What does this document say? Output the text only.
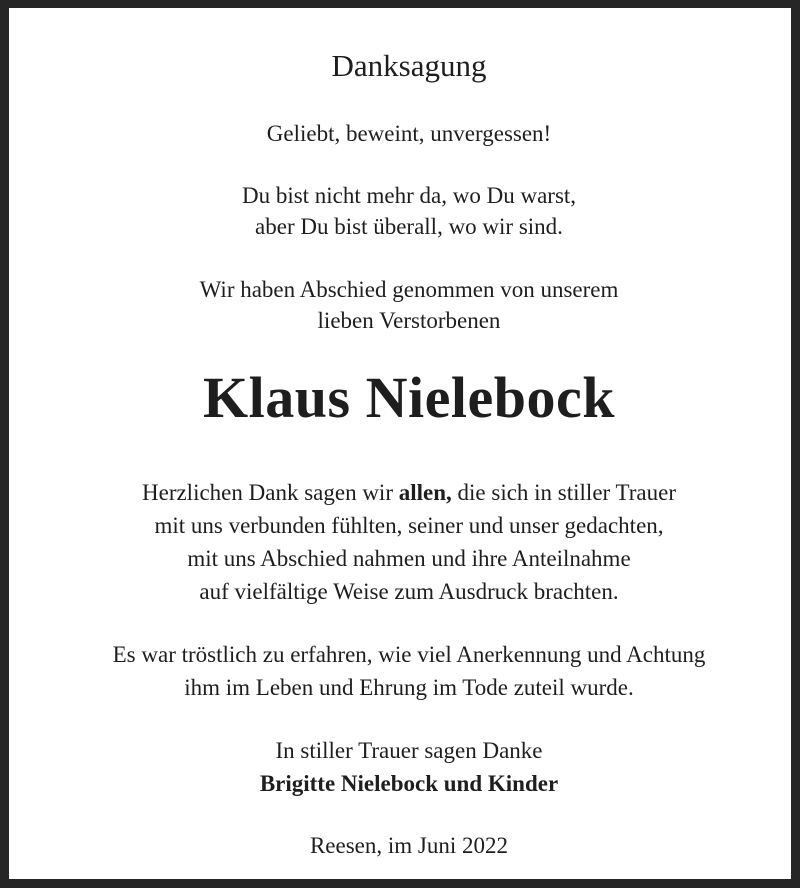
Danksagung
Geliebt, beweint, unvergessen!
Du bist nicht mehr da, wo Du warst,
aber Du bist überall, wo wir sind.
Wir haben Abschied genommen von unserem
lieben Verstorbenen
Klaus Nielebock
Herzlichen Dank sagen wir allen, die sich in stiller Trauer
mit uns verbunden fühlten, seiner und unser gedachten,
mit uns Abschied nahmen und ihre Anteilnahme
auf vielfältige Weise zum Ausdruck brachten.
Es war tröstlich zu erfahren, wie viel Anerkennung und Achtung
ihm im Leben und Ehrung im Tode zuteil wurde.
In stiller Trauer sagen Danke
Brigitte Nielebock und Kinder
Reesen, im Juni 2022
